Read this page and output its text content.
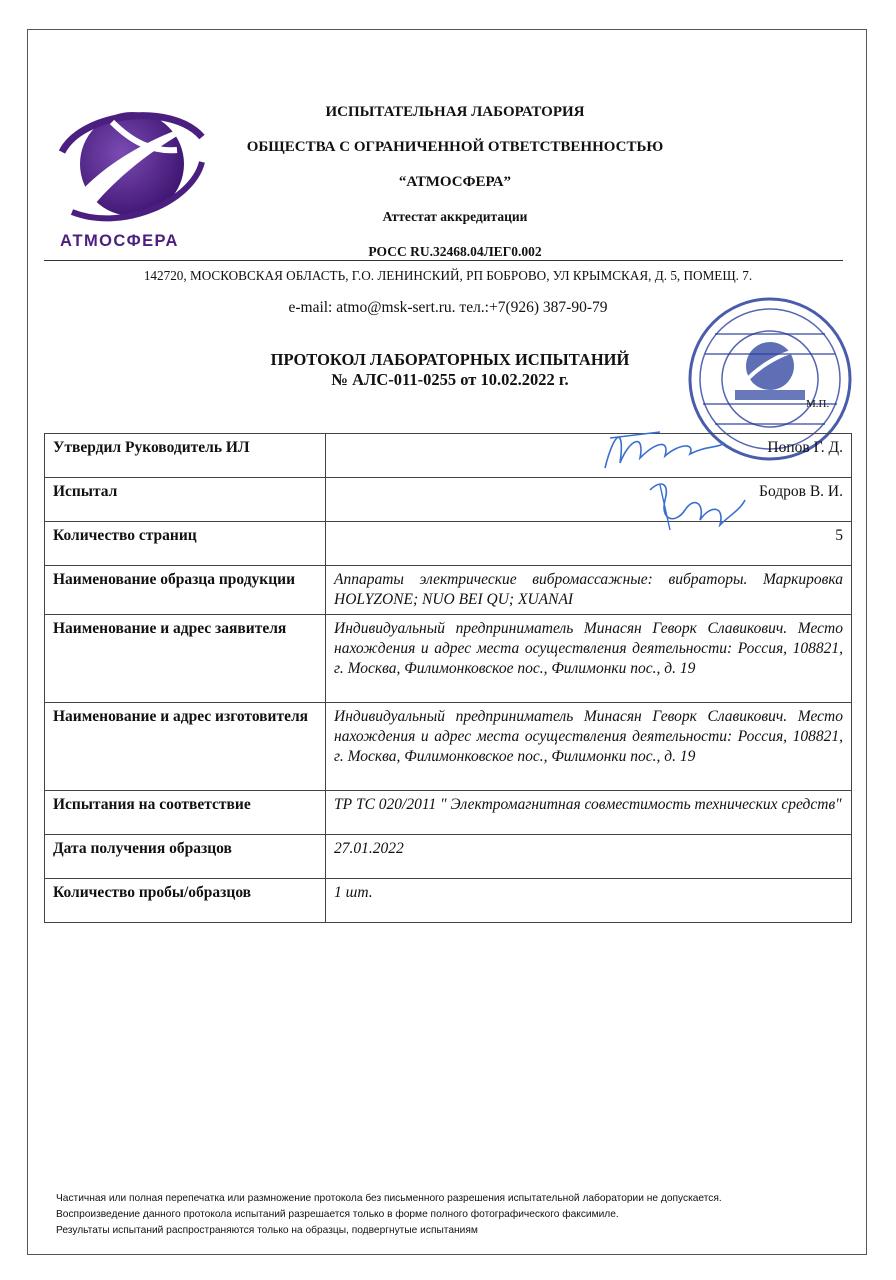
АТМОСФЕРА
ИСПЫТАТЕЛЬНАЯ ЛАБОРАТОРИЯ
ОБЩЕСТВА С ОГРАНИЧЕННОЙ ОТВЕТСТВЕННОСТЬЮ
“АТМОСФЕРА”
Аттестат аккредитации
РОСС RU.32468.04ЛЕГ0.002
142720, МОСКОВСКАЯ ОБЛАСТЬ, Г.О. ЛЕНИНСКИЙ, РП БОБРОВО, УЛ КРЫМСКАЯ, Д. 5, ПОМЕЩ. 7.
e-mail: atmo@msk-sert.ru. тел.:+7(926) 387-90-79
ПРОТОКОЛ ЛАБОРАТОРНЫХ ИСПЫТАНИЙ
№ АЛС-011-0255 от 10.02.2022 г.
М.П.
Утвердил Руководитель ИЛ	Попов Г. Д.
Испытал	Бодров В. И.
Количество страниц	5
Наименование образца продукции	Аппараты электрические вибромассажные: вибраторы. Маркировка HOLYZONE; NUO BEI QU; XUANAI
Наименование и адрес заявителя	Индивидуальный предприниматель Минасян Геворк Славикович. Место нахождения и адрес места осуществления деятельности: Россия, 108821, г. Москва, Филимонковское пос., Филимонки пос., д. 19
Наименование и адрес изготовителя	Индивидуальный предприниматель Минасян Геворк Славикович. Место нахождения и адрес места осуществления деятельности: Россия, 108821, г. Москва, Филимонковское пос., Филимонки пос., д. 19
Испытания на соответствие	ТР ТС 020/2011 " Электромагнитная совместимость технических средств"
Дата получения образцов	27.01.2022
Количество пробы/образцов	1 шт.
Частичная или полная перепечатка или размножение протокола без письменного разрешения испытательной лаборатории не допускается.
Воспроизведение данного протокола испытаний разрешается только в форме полного фотографического факсимиле.
Результаты испытаний распространяются только на образцы, подвергнутые испытаниям
